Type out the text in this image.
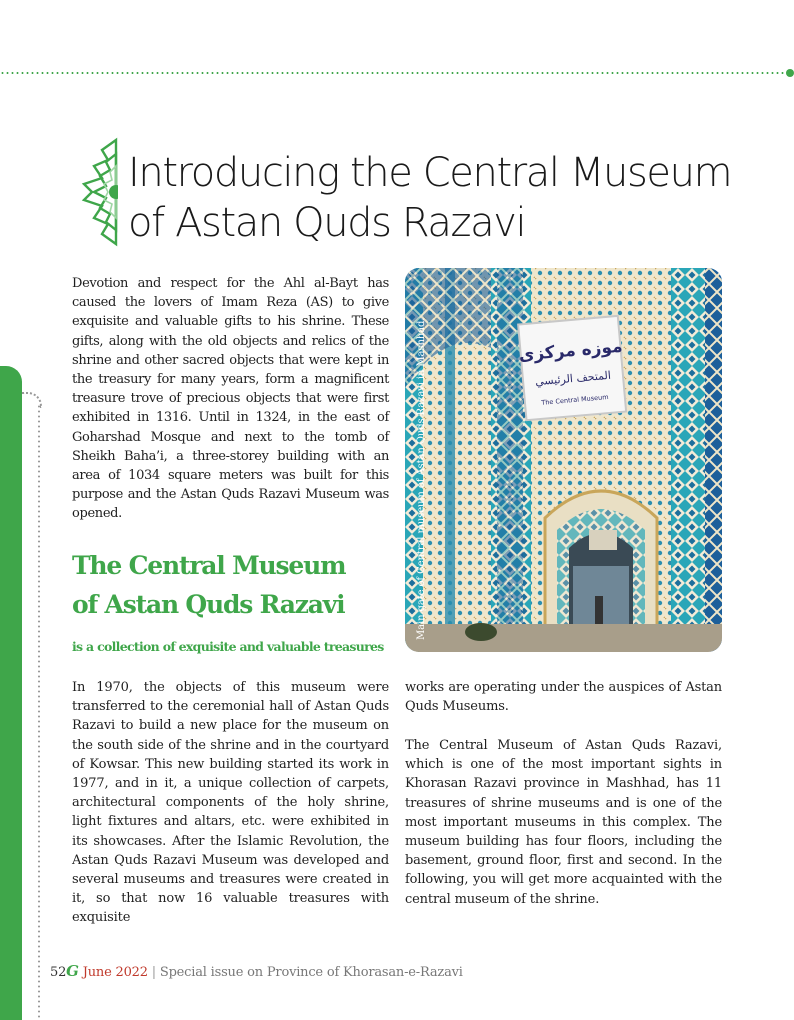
Introducing the Central Museum
of Astan Quds Razavi

Devotion and respect for the Ahl al-Bayt has caused the lovers of Imam Reza (AS) to give exquisite and valuable gifts to his shrine. These gifts, along with the old objects and relics of the shrine and other sacred objects that were kept in the treasury for many years, form a magnificent treasure trove of precious objects that were first exhibited in 1316. Until in 1324, in the east of Goharshad Mosque and next to the tomb of Sheikh Baha’i, a three-storey building with an area of 1034 square meters was built for this purpose and the Astan Quds Razavi Museum was opened.

موزه مرکزی
المتحف الرئيسي
The Central Museum
Main gate of Central museum of Astan Quds Razavi in Mashhad.
The Central Museum
of Astan Quds Razavi

is a collection of exquisite and valuable treasures

In 1970, the objects of this museum were transferred to the ceremonial hall of Astan Quds Razavi to build a new place for the museum on the south side of the shrine and in the courtyard of Kowsar. This new building started its work in 1977, and in it, a unique collection of carpets, architectural components of the holy shrine, light fixtures and altars, etc. were exhibited in its showcases. After the Islamic Revolution, the Astan Quds Razavi Museum was developed and several museums and treasures were created in it, so that now 16 valuable treasures with exquisite

works are operating under the auspices of Astan Quds Museums.

The Central Museum of Astan Quds Razavi, which is one of the most important sights in Khorasan Razavi province in Mashhad, has 11 treasures of shrine museums and is one of the most important museums in this complex. The museum building has four floors, including the basement, ground floor, first and second. In the following, you will get more acquainted with the central museum of the shrine.

52G June 2022 | Special issue on Province of Khorasan-e-Razavi
